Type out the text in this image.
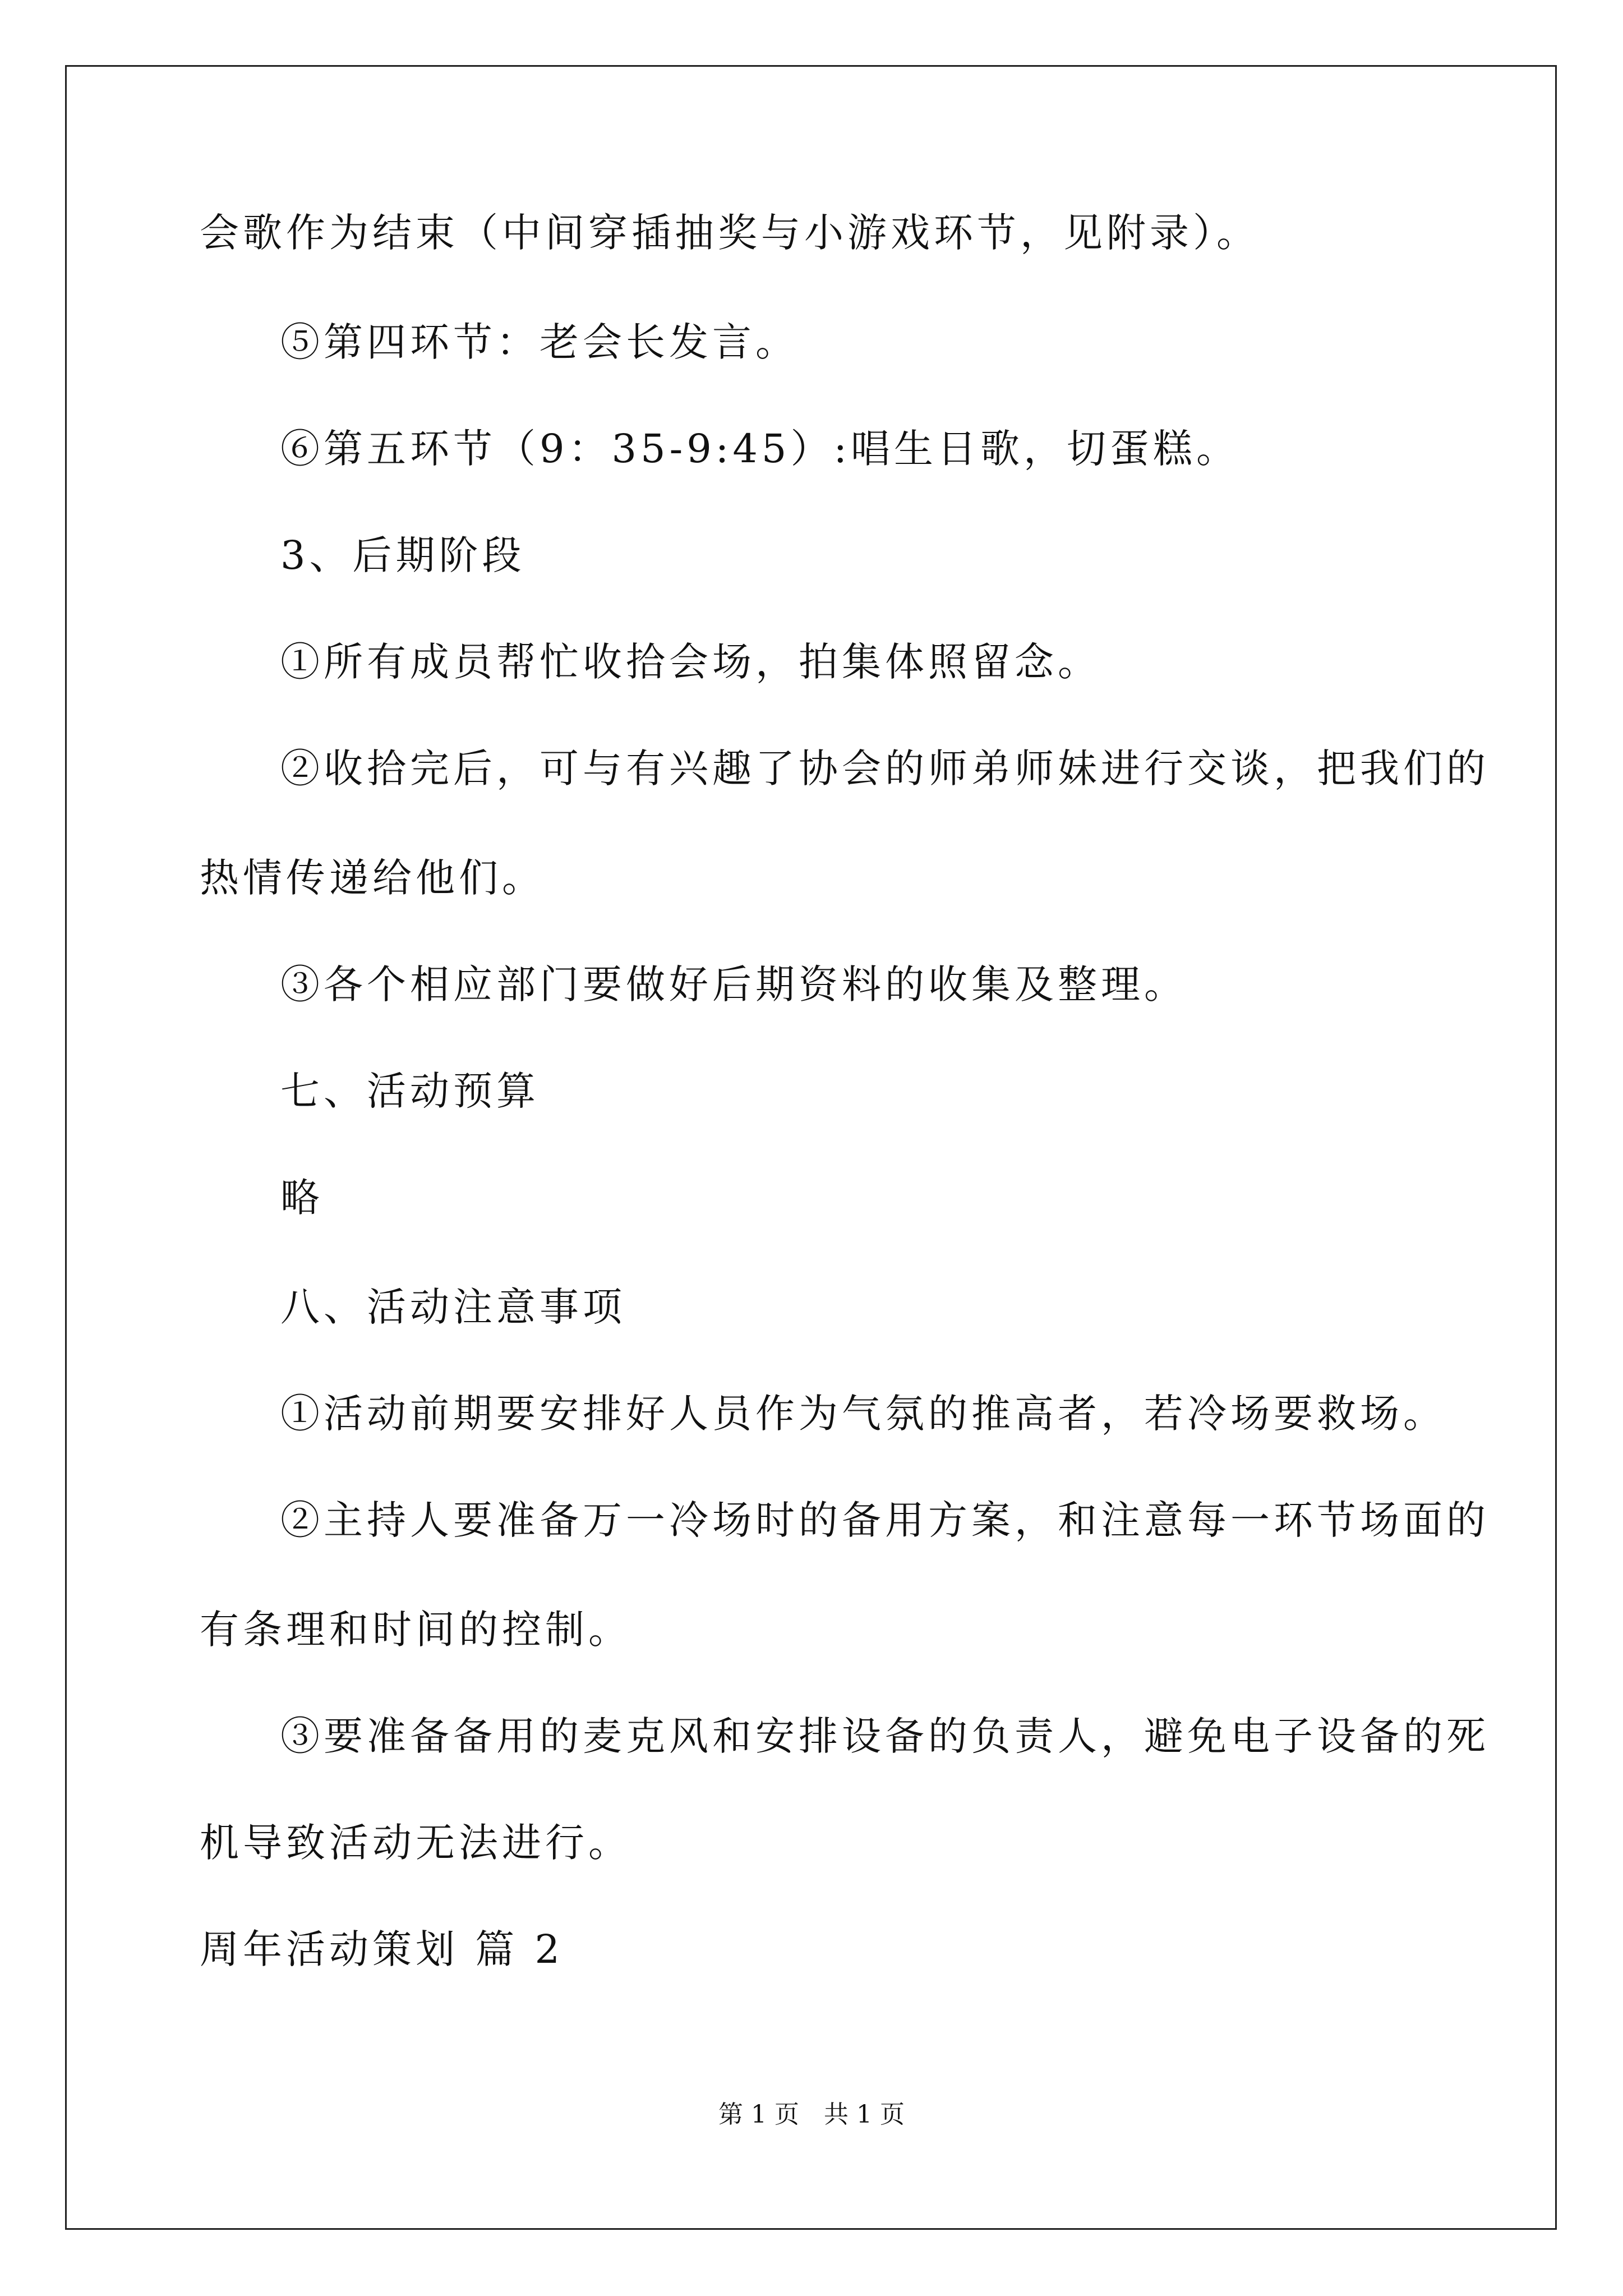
会歌作为结束（中间穿插抽奖与小游戏环节，见附录）。
⑤第四环节：老会长发言。
⑥第五环节（9：35-9:45）:唱生日歌，切蛋糕。
3、后期阶段
①所有成员帮忙收拾会场，拍集体照留念。
②收拾完后，可与有兴趣了协会的师弟师妹进行交谈，把我们的
热情传递给他们。
③各个相应部门要做好后期资料的收集及整理。
七、活动预算
略
八、活动注意事项
①活动前期要安排好人员作为气氛的推高者，若冷场要救场。
②主持人要准备万一冷场时的备用方案，和注意每一环节场面的
有条理和时间的控制。
③要准备备用的麦克风和安排设备的负责人，避免电子设备的死
机导致活动无法进行。
周年活动策划 篇 2
第 1 页　共 1 页
